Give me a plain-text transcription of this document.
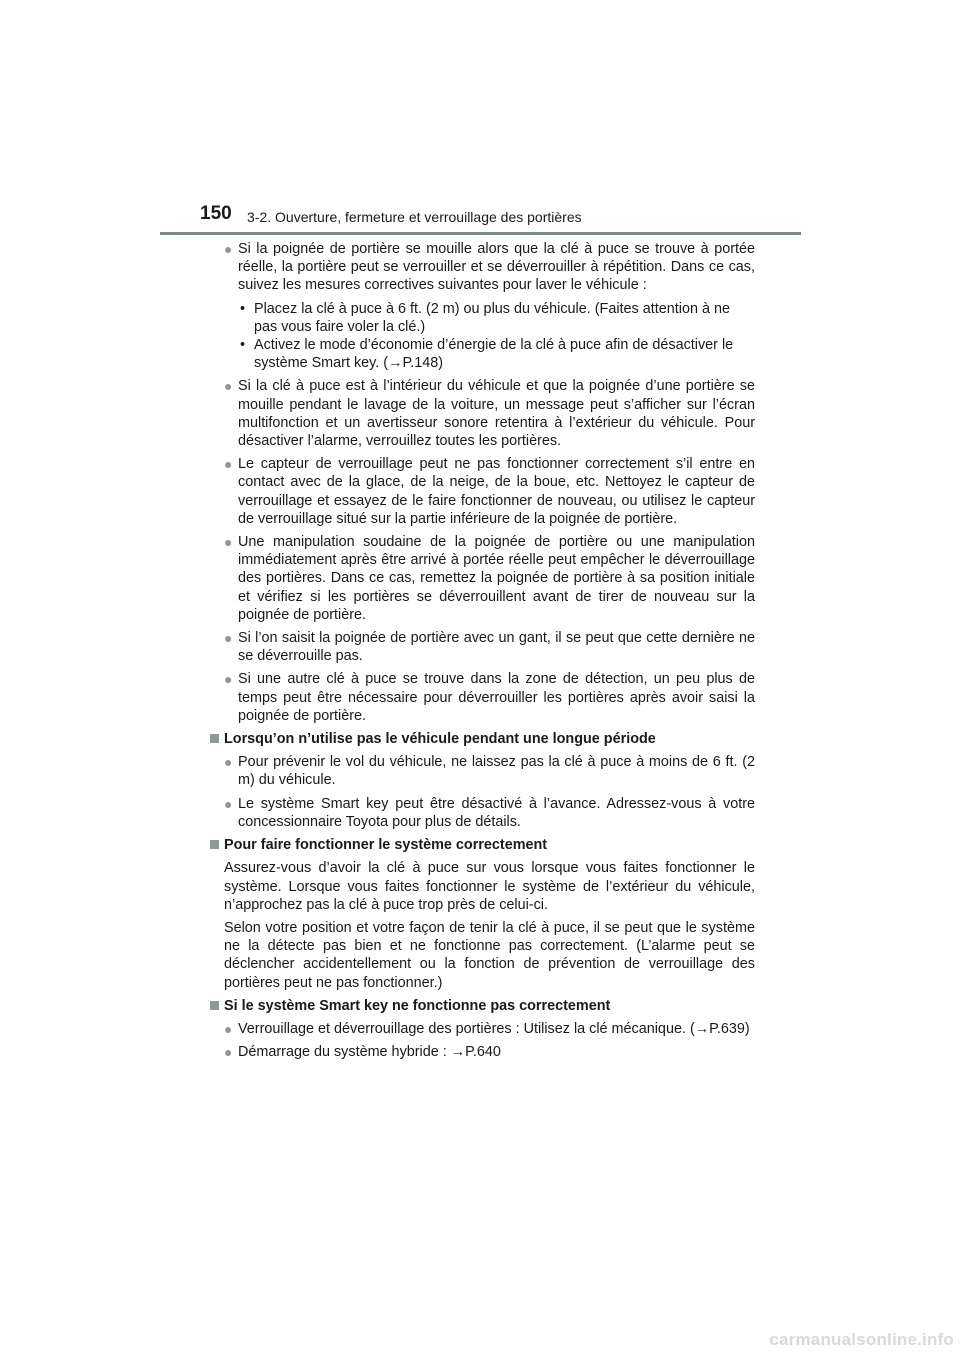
150 3-2. Ouverture, fermeture et verrouillage des portières
● Si la poignée de portière se mouille alors que la clé à puce se trouve à portée réelle, la portière peut se verrouiller et se déverrouiller à répétition. Dans ce cas, suivez les mesures correctives suivantes pour laver le véhicule :
• Placez la clé à puce à 6 ft. (2 m) ou plus du véhicule. (Faites attention à ne pas vous faire voler la clé.)
• Activez le mode d’économie d’énergie de la clé à puce afin de désactiver le système Smart key. (→P.148)
● Si la clé à puce est à l’intérieur du véhicule et que la poignée d’une portière se mouille pendant le lavage de la voiture, un message peut s’afficher sur l’écran multifonction et un avertisseur sonore retentira à l’extérieur du véhicule. Pour désactiver l’alarme, verrouillez toutes les portières.
● Le capteur de verrouillage peut ne pas fonctionner correctement s’il entre en contact avec de la glace, de la neige, de la boue, etc. Nettoyez le capteur de verrouillage et essayez de le faire fonctionner de nouveau, ou utilisez le capteur de verrouillage situé sur la partie inférieure de la poignée de portière.
● Une manipulation soudaine de la poignée de portière ou une manipulation immédiatement après être arrivé à portée réelle peut empêcher le déverrouillage des portières. Dans ce cas, remettez la poignée de portière à sa position initiale et vérifiez si les portières se déverrouillent avant de tirer de nouveau sur la poignée de portière.
● Si l’on saisit la poignée de portière avec un gant, il se peut que cette dernière ne se déverrouille pas.
● Si une autre clé à puce se trouve dans la zone de détection, un peu plus de temps peut être nécessaire pour déverrouiller les portières après avoir saisi la poignée de portière.
Lorsqu’on n’utilise pas le véhicule pendant une longue période
● Pour prévenir le vol du véhicule, ne laissez pas la clé à puce à moins de 6 ft. (2 m) du véhicule.
● Le système Smart key peut être désactivé à l’avance. Adressez-vous à votre concessionnaire Toyota pour plus de détails.
Pour faire fonctionner le système correctement
Assurez-vous d’avoir la clé à puce sur vous lorsque vous faites fonctionner le système. Lorsque vous faites fonctionner le système de l’extérieur du véhicule, n’approchez pas la clé à puce trop près de celui-ci.
Selon votre position et votre façon de tenir la clé à puce, il se peut que le système ne la détecte pas bien et ne fonctionne pas correctement. (L’alarme peut se déclencher accidentellement ou la fonction de prévention de verrouillage des portières peut ne pas fonctionner.)
Si le système Smart key ne fonctionne pas correctement
● Verrouillage et déverrouillage des portières : Utilisez la clé mécanique. (→P.639)
● Démarrage du système hybride : →P.640
carmanualsonline.info
